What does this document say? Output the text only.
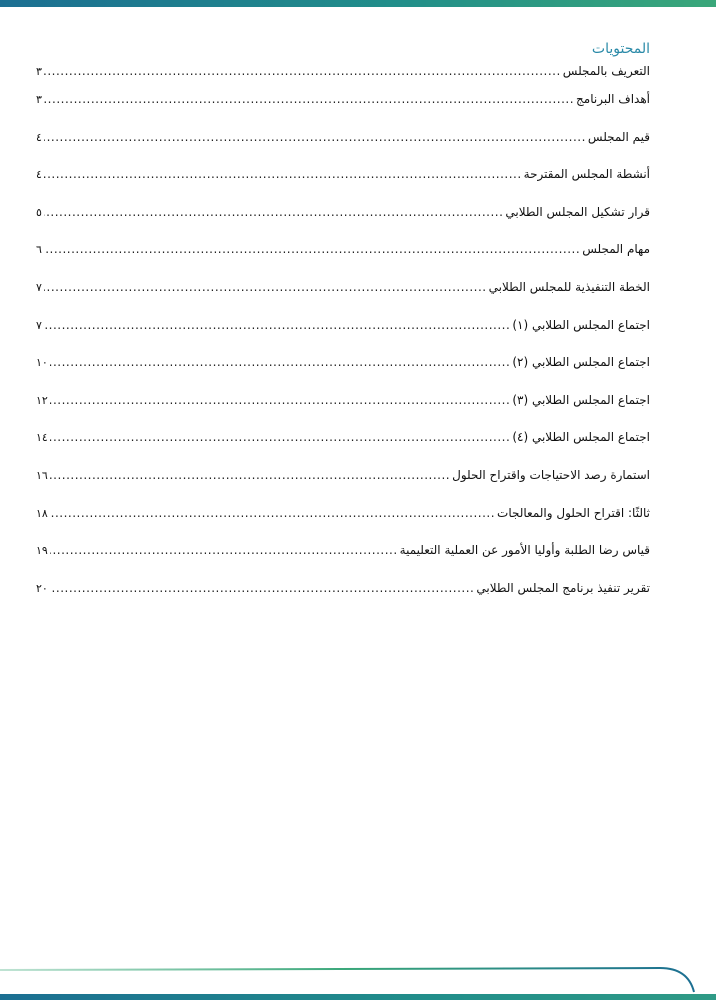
المحتويات
التعريف بالمجلس
.....
٣
أهداف البرنامج
.....
٣
قيم المجلس
.....
٤
أنشطة المجلس المقترحة
.....
٤
قرار تشكيل المجلس الطلابي
.....
٥
مهام المجلس
.....
٦
الخطة التنفيذية للمجلس الطلابي
.....
٧
اجتماع المجلس الطلابي (١)
.....
٧
اجتماع المجلس الطلابي (٢)
.....
١٠
اجتماع المجلس الطلابي (٣)
.....
١٢
اجتماع المجلس الطلابي (٤)
.....
١٤
استمارة رصد الاحتياجات واقتراح الحلول
.....
١٦
ثالثًا: اقتراح الحلول والمعالجات
.....
١٨
قياس رضا الطلبة وأوليا الأمور عن العملية التعليمية
.....
١٩
تقرير تنفيذ برنامج المجلس الطلابي
.....
٢٠
